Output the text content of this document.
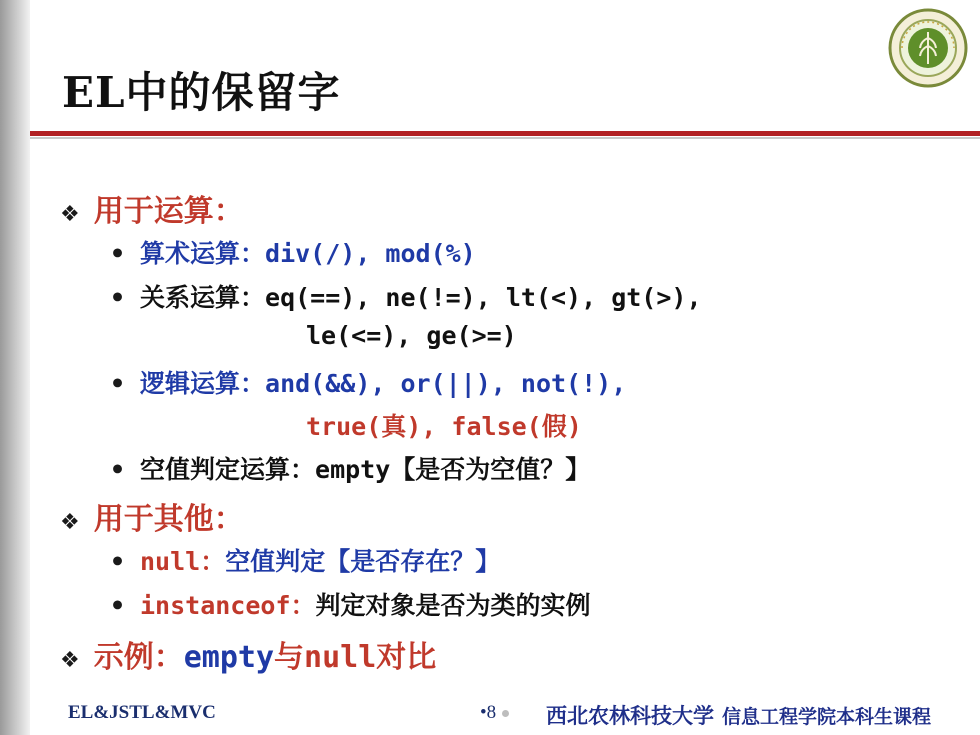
EL中的保留字
❖ 用于运算：
• 算术运算：div(/), mod(%)
• 关系运算：eq(==), ne(!=), lt(<), gt(>),
le(<=), ge(>=)
• 逻辑运算：and(&&), or(||), not(!),
true(真), false(假)
• 空值判定运算：empty【是否为空值？】
❖ 用于其他：
• null：空值判定【是否存在？】
• instanceof：判定对象是否为类的实例
❖ 示例：empty与null对比
EL&JSTL&MVC	•8	西北农林科技大学 信息工程学院本科生课程
